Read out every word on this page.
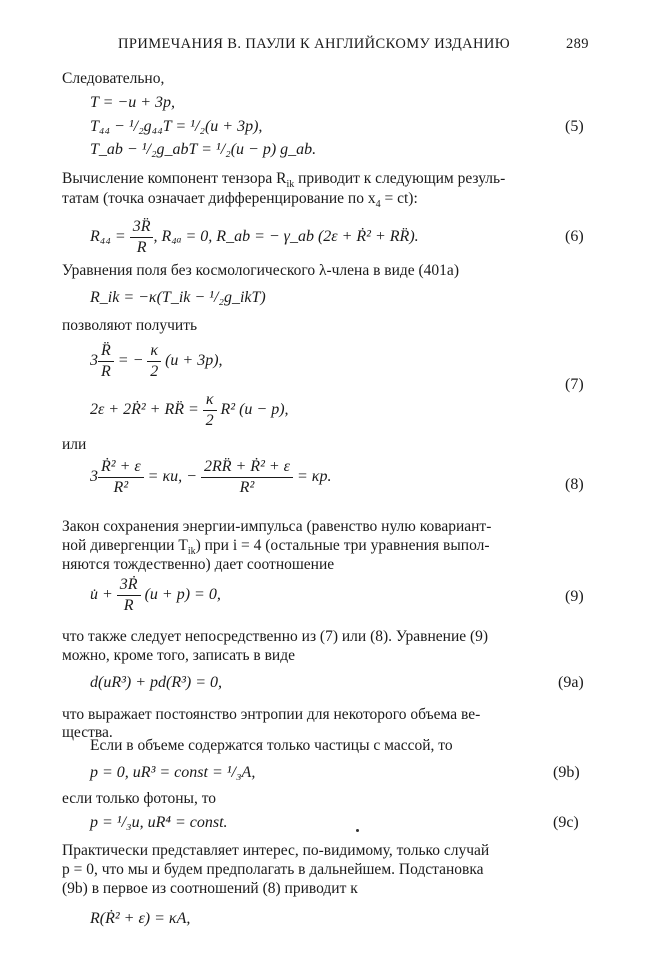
ПРИМЕЧАНИЯ В. ПАУЛИ К АНГЛИЙСКОМУ ИЗДАНИЮ	289
Следовательно,
T = −u + 3p,
T₄₄ − ¹/₂g₄₄T = ¹/₂(u + 3p),
T_ab − ¹/₂g_abT = ¹/₂(u − p) g_ab.
(5)
Вычисление компонент тензора $R_{ik}$ приводит к следующим резуль-
татам (точка означает дифференцирование по $x_4 = ct$):
$R_{44} = \frac{3R̈}{R}$ , R₄ₐ = 0, R_ab = − γ_ab (2ε + Ṙ² + RR̈).	(6)
Уравнения поля без космологического λ-члена в виде (401а)
R_ik = −κ(T_ik − ¹/₂g_ikT)
позволяют получить
$3 \frac{R̈}{R}$ = − $\frac{\kappa}{2} (u + 3p)$,
2ε + 2Ṙ² + RR̈ = $\frac{\kappa}{2} R^2$ (u − p),
(7)
или
$3 \frac{\text{Ṙ² + ε}}{\text{R²}} = \kappa u$, − $\frac{\text{2RR̈ + Ṙ² + ε}}{\text{R²}} = \kappa p$.	(8)
Закон сохранения энергии-импульса (равенство нулю ковариант-
ной дивергенции $T_{ik}$) при i = 4 (остальные три уравнения выпол-
няются тождественно) дает соотношение
u̇ + $\frac{\text{3Ṙ}}{R} (u + p) = 0$,	(9)
что также следует непосредственно из (7) или (8). Уравнение (9)
можно, кроме того, записать в виде
d(uR³) + pd(R³) = 0,	(9a)
что выражает постоянство энтропии для некоторого объема ве-
щества.
Если в объеме содержатся только частицы с массой, то
p = 0, uR³ = const = ¹/₃A,	(9b)
если только фотоны, то
p = ¹/₃u, uR⁴ = const.	(9c)
Практически представляет интерес, по-видимому, только случай
p = 0, что мы и будем предполагать в дальнейшем. Подстановка
(9b) в первое из соотношений (8) приводит к
R(Ṙ² + ε) = κA,
